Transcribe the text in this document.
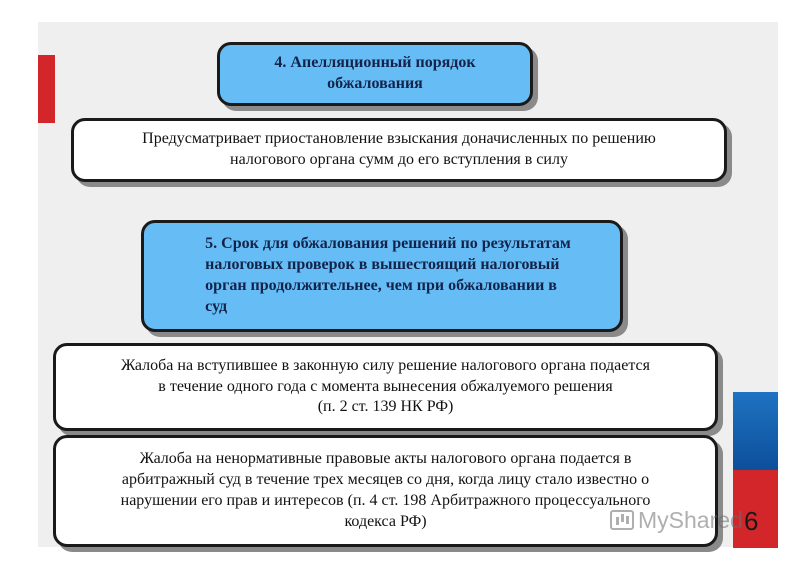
4. Апелляционный порядок
обжалования
Предусматривает приостановление взыскания доначисленных по решению
налогового органа сумм до его вступления в силу
5. Срок для обжалования решений по результатам
налоговых проверок в вышестоящий налоговый
орган продолжительнее, чем при обжаловании в
суд
Жалоба на вступившее в законную силу решение налогового органа подается
в течение одного года с момента вынесения обжалуемого решения
(п. 2 ст. 139 НК РФ)
Жалоба на ненормативные правовые акты налогового органа подается в
арбитражный суд в течение трех месяцев со дня, когда лицу стало известно о
нарушении его прав и интересов (п. 4 ст. 198 Арбитражного процессуального
кодекса РФ)	MyShared 6
